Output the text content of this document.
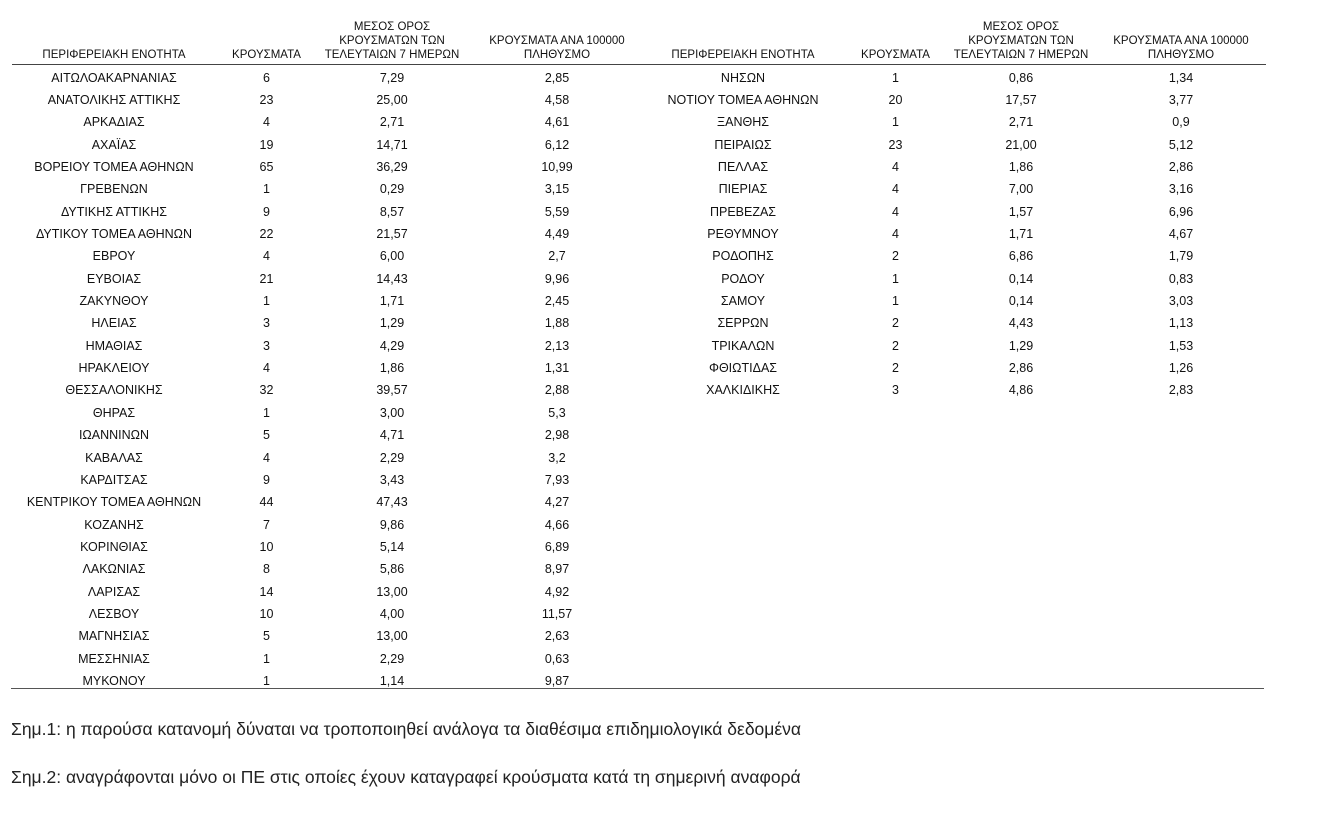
ΠΕΡΙΦΕΡΕΙΑΚΗ ΕΝΟΤΗΤΑ	ΚΡΟΥΣΜΑΤΑ	ΜΕΣΟΣ ΟΡΟΣ
ΚΡΟΥΣΜΑΤΩΝ ΤΩΝ
ΤΕΛΕΥΤΑΙΩΝ 7 ΗΜΕΡΩΝ	ΚΡΟΥΣΜΑΤΑ ΑΝΑ 100000
ΠΛΗΘΥΣΜΟ
ΑΙΤΩΛΟΑΚΑΡΝΑΝΙΑΣ	6	7,29	2,85
ΑΝΑΤΟΛΙΚΗΣ ΑΤΤΙΚΗΣ	23	25,00	4,58
ΑΡΚΑΔΙΑΣ	4	2,71	4,61
ΑΧΑΪΑΣ	19	14,71	6,12
ΒΟΡΕΙΟΥ ΤΟΜΕΑ ΑΘΗΝΩΝ	65	36,29	10,99
ΓΡΕΒΕΝΩΝ	1	0,29	3,15
ΔΥΤΙΚΗΣ ΑΤΤΙΚΗΣ	9	8,57	5,59
ΔΥΤΙΚΟΥ ΤΟΜΕΑ ΑΘΗΝΩΝ	22	21,57	4,49
ΕΒΡΟΥ	4	6,00	2,7
ΕΥΒΟΙΑΣ	21	14,43	9,96
ΖΑΚΥΝΘΟΥ	1	1,71	2,45
ΗΛΕΙΑΣ	3	1,29	1,88
ΗΜΑΘΙΑΣ	3	4,29	2,13
ΗΡΑΚΛΕΙΟΥ	4	1,86	1,31
ΘΕΣΣΑΛΟΝΙΚΗΣ	32	39,57	2,88
ΘΗΡΑΣ	1	3,00	5,3
ΙΩΑΝΝΙΝΩΝ	5	4,71	2,98
ΚΑΒΑΛΑΣ	4	2,29	3,2
ΚΑΡΔΙΤΣΑΣ	9	3,43	7,93
ΚΕΝΤΡΙΚΟΥ ΤΟΜΕΑ ΑΘΗΝΩΝ	44	47,43	4,27
ΚΟΖΑΝΗΣ	7	9,86	4,66
ΚΟΡΙΝΘΙΑΣ	10	5,14	6,89
ΛΑΚΩΝΙΑΣ	8	5,86	8,97
ΛΑΡΙΣΑΣ	14	13,00	4,92
ΛΕΣΒΟΥ	10	4,00	11,57
ΜΑΓΝΗΣΙΑΣ	5	13,00	2,63
ΜΕΣΣΗΝΙΑΣ	1	2,29	0,63
ΜΥΚΟΝΟΥ	1	1,14	9,87
ΠΕΡΙΦΕΡΕΙΑΚΗ ΕΝΟΤΗΤΑ	ΚΡΟΥΣΜΑΤΑ	ΜΕΣΟΣ ΟΡΟΣ
ΚΡΟΥΣΜΑΤΩΝ ΤΩΝ
ΤΕΛΕΥΤΑΙΩΝ 7 ΗΜΕΡΩΝ	ΚΡΟΥΣΜΑΤΑ ΑΝΑ 100000
ΠΛΗΘΥΣΜΟ
ΝΗΣΩΝ	1	0,86	1,34
ΝΟΤΙΟΥ ΤΟΜΕΑ ΑΘΗΝΩΝ	20	17,57	3,77
ΞΑΝΘΗΣ	1	2,71	0,9
ΠΕΙΡΑΙΩΣ	23	21,00	5,12
ΠΕΛΛΑΣ	4	1,86	2,86
ΠΙΕΡΙΑΣ	4	7,00	3,16
ΠΡΕΒΕΖΑΣ	4	1,57	6,96
ΡΕΘΥΜΝΟΥ	4	1,71	4,67
ΡΟΔΟΠΗΣ	2	6,86	1,79
ΡΟΔΟΥ	1	0,14	0,83
ΣΑΜΟΥ	1	0,14	3,03
ΣΕΡΡΩΝ	2	4,43	1,13
ΤΡΙΚΑΛΩΝ	2	1,29	1,53
ΦΘΙΩΤΙΔΑΣ	2	2,86	1,26
ΧΑΛΚΙΔΙΚΗΣ	3	4,86	2,83
Σημ.1: η παρούσα κατανομή δύναται να τροποποιηθεί ανάλογα τα διαθέσιμα επιδημιολογικά δεδομένα
Σημ.2: αναγράφονται μόνο οι ΠΕ στις οποίες έχουν καταγραφεί κρούσματα κατά τη σημερινή αναφορά
